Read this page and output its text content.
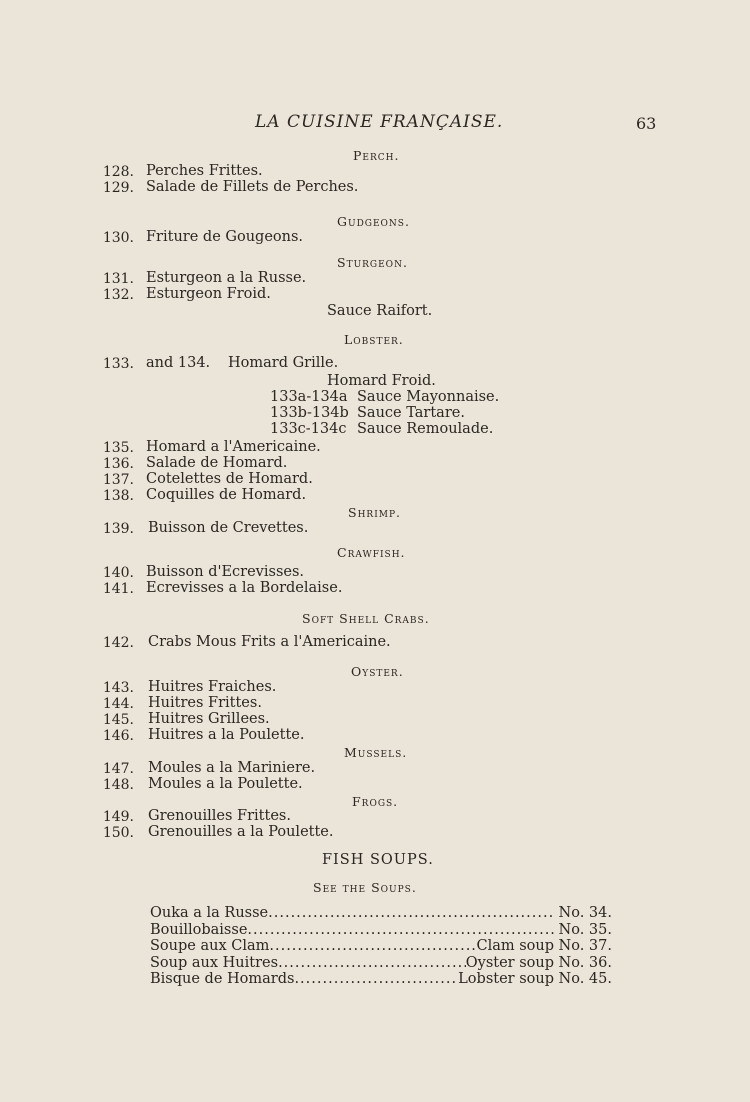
LA CUISINE FRANÇAISE.	63
Perch.
128. Perches Frittes.
129. Salade de Fillets de Perches.
Gudgeons.
130. Friture de Gougeons.
Sturgeon.
131. Esturgeon a la Russe.
132. Esturgeon Froid.
Sauce Raifort.
Lobster.
133. and 134. Homard Grille.
Homard Froid.
133a-134a Sauce Mayonnaise.
133b-134b Sauce Tartare.
133c-134c Sauce Remoulade.
135. Homard a l'Americaine.
136. Salade de Homard.
137. Cotelettes de Homard.
138. Coquilles de Homard.
Shrimp.
139. Buisson de Crevettes.
Crawfish.
140. Buisson d'Ecrevisses.
141. Ecrevisses a la Bordelaise.
Soft Shell Crabs.
142. Crabs Mous Frits a l'Americaine.
Oyster.
143. Huitres Fraiches.
144. Huitres Frittes.
145. Huitres Grillees.
146. Huitres a la Poulette.
Mussels.
147. Moules a la Mariniere.
148. Moules a la Poulette.
Frogs.
149. Grenouilles Frittes.
150. Grenouilles a la Poulette.
FISH SOUPS.
See the Soups.
Ouka a la Russe .....	No. 34.
Bouillobaisse .....	No. 35.
Soupe aux Clam .....	Clam soup No. 37.
Soup aux Huitres .....	Oyster soup No. 36.
Bisque de Homards .....	Lobster soup No. 45.
